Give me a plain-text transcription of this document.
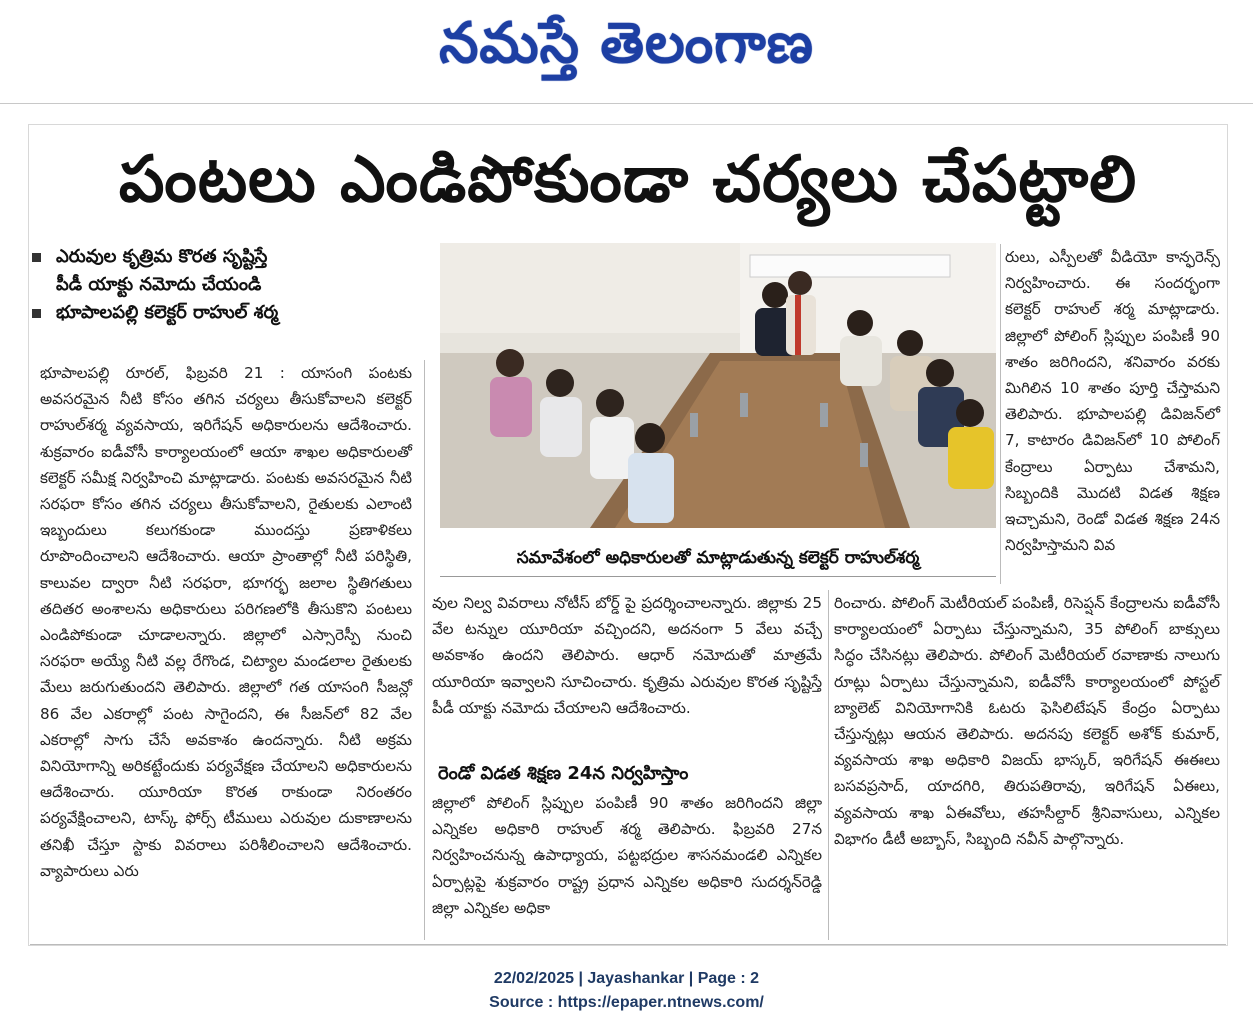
నమస్తే తెలంగాణ
పంటలు ఎండిపోకుండా చర్యలు చేపట్టాలి
ఎరువుల కృత్రిమ కొరత సృష్టిస్తే
పీడీ యాక్టు నమోదు చేయండి
భూపాలపల్లి కలెక్టర్ రాహుల్ శర్మ
భూపాలపల్లి రూరల్, ఫిబ్రవరి 21 : యాసంగి పంటకు అవసరమైన నీటి కోసం తగిన చర్యలు తీసుకోవాలని కలెక్టర్ రాహుల్‌శర్మ వ్యవసాయ, ఇరిగేషన్ అధికారులను ఆదేశించారు. శుక్రవారం ఐడీవోసీ కార్యాలయంలో ఆయా శాఖల అధికారులతో కలెక్టర్ సమీక్ష నిర్వహించి మాట్లాడారు. పంటకు అవసరమైన నీటి సరఫరా కోసం తగిన చర్యలు తీసుకోవాలని, రైతులకు ఎలాంటి ఇబ్బందులు కలుగకుండా ముందస్తు ప్రణాళికలు రూపొందించాలని ఆదేశించారు. ఆయా ప్రాంతాల్లో నీటి పరిస్థితి, కాలువల ద్వారా నీటి సరఫరా, భూగర్భ జలాల స్థితిగతులు తదితర అంశాలను అధికారులు పరిగణలోకి తీసుకొని పంటలు ఎండిపోకుండా చూడాలన్నారు. జిల్లాలో ఎస్సారెస్పీ నుంచి సరఫరా అయ్యే నీటి వల్ల రేగొండ, చిట్యాల మండలాల రైతులకు మేలు జరుగుతుందని తెలిపారు. జిల్లాలో గత యాసంగి సీజన్లో 86 వేల ఎకరాల్లో పంట సాగైందని, ఈ సీజన్‌లో 82 వేల ఎకరాల్లో సాగు చేసే అవకాశం ఉందన్నారు. నీటి అక్రమ వినియోగాన్ని అరికట్టేందుకు పర్యవేక్షణ చేయాలని అధికారులను ఆదేశించారు. యూరియా కొరత రాకుండా నిరంతరం పర్యవేక్షించాలని, టాస్క్ ఫోర్స్ టీములు ఎరువుల దుకాణాలను తనిఖీ చేస్తూ స్టాకు వివరాలు పరిశీలించాలని ఆదేశించారు. వ్యాపారులు ఎరు
సమావేశంలో అధికారులతో మాట్లాడుతున్న కలెక్టర్ రాహుల్‌శర్మ
రులు, ఎస్పీలతో వీడియో కాన్ఫరెన్స్ నిర్వహించారు. ఈ సందర్భంగా కలెక్టర్ రాహుల్ శర్మ మాట్లాడారు. జిల్లాలో పోలింగ్ స్లిప్పుల పంపిణీ 90 శాతం జరిగిందని, శనివారం వరకు మిగిలిన 10 శాతం పూర్తి చేస్తామని తెలిపారు. భూపాలపల్లి డివిజన్‌లో 7, కాటారం డివిజన్‌లో 10 పోలింగ్ కేంద్రాలు ఏర్పాటు చేశామని, సిబ్బందికి మొదటి విడత శిక్షణ ఇచ్చామని, రెండో విడత శిక్షణ 24న నిర్వహిస్తామని వివ
వుల నిల్వ వివరాలు నోటీస్ బోర్డ్ పై ప్రదర్శించాలన్నారు. జిల్లాకు 25 వేల టన్నుల యూరియా వచ్చిందని, అదనంగా 5 వేలు వచ్చే అవకాశం ఉందని తెలిపారు. ఆధార్ నమోదుతో మాత్రమే యూరియా ఇవ్వాలని సూచించారు. కృత్రిమ ఎరువుల కొరత సృష్టిస్తే పీడీ యాక్టు నమోదు చేయాలని ఆదేశించారు.
రెండో విడత శిక్షణ 24న నిర్వహిస్తాం
జిల్లాలో పోలింగ్ స్లిప్పుల పంపిణీ 90 శాతం జరిగిందని జిల్లా ఎన్నికల అధికారి రాహుల్ శర్మ తెలిపారు. ఫిబ్రవరి 27న నిర్వహించనున్న ఉపాధ్యాయ, పట్టభద్రుల శాసనమండలి ఎన్నికల ఏర్పాట్లపై శుక్రవారం రాష్ట్ర ప్రధాన ఎన్నికల అధికారి సుదర్శన్‌రెడ్డి జిల్లా ఎన్నికల అధికా
రించారు. పోలింగ్ మెటీరియల్ పంపిణీ, రిసెప్షన్ కేంద్రాలను ఐడీవోసీ కార్యాలయంలో ఏర్పాటు చేస్తున్నామని, 35 పోలింగ్ బాక్సులు సిద్ధం చేసినట్లు తెలిపారు. పోలింగ్ మెటీరియల్ రవాణాకు నాలుగు రూట్లు ఏర్పాటు చేస్తున్నామని, ఐడీవోసీ కార్యాలయంలో పోస్టల్ బ్యాలెట్ వినియోగానికి ఓటరు ఫెసిలిటేషన్ కేంద్రం ఏర్పాటు చేస్తున్నట్లు ఆయన తెలిపారు. అదనపు కలెక్టర్ అశోక్ కుమార్, వ్యవసాయ శాఖ అధికారి విజయ్ భాస్కర్, ఇరిగేషన్ ఈఈలు బసవప్రసాద్, యాదగిరి, తిరుపతిరావు, ఇరిగేషన్ ఏఈలు, వ్యవసాయ శాఖ ఏఈవోలు, తహసీల్దార్ శ్రీనివాసులు, ఎన్నికల విభాగం డీటీ అబ్బాస్, సిబ్బంది నవీన్ పాల్గొన్నారు.
22/02/2025 | Jayashankar | Page : 2
Source : https://epaper.ntnews.com/
